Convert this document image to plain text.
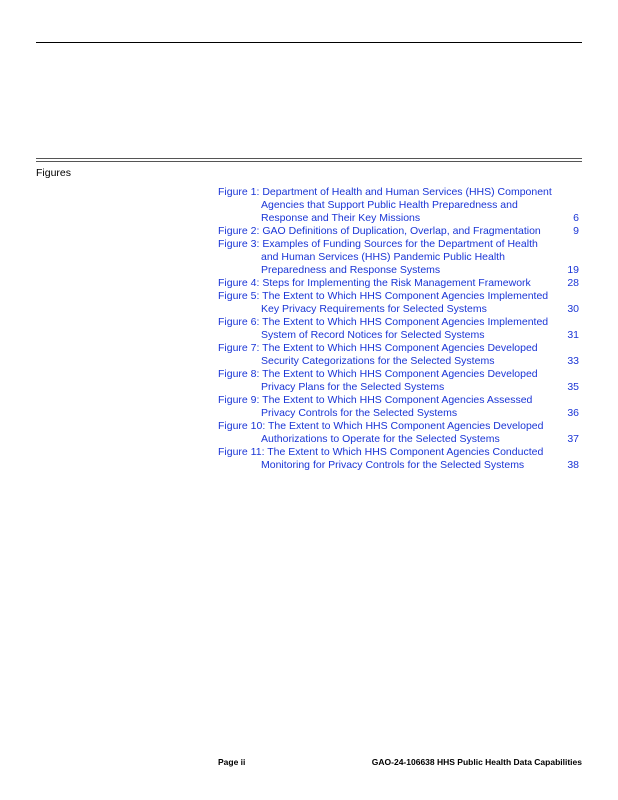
Figures
Figure 1: Department of Health and Human Services (HHS) Component Agencies that Support Public Health Preparedness and Response and Their Key Missions	6
Figure 2: GAO Definitions of Duplication, Overlap, and Fragmentation	9
Figure 3: Examples of Funding Sources for the Department of Health and Human Services (HHS) Pandemic Public Health Preparedness and Response Systems	19
Figure 4: Steps for Implementing the Risk Management Framework	28
Figure 5: The Extent to Which HHS Component Agencies Implemented Key Privacy Requirements for Selected Systems	30
Figure 6: The Extent to Which HHS Component Agencies Implemented System of Record Notices for Selected Systems	31
Figure 7: The Extent to Which HHS Component Agencies Developed Security Categorizations for the Selected Systems	33
Figure 8: The Extent to Which HHS Component Agencies Developed Privacy Plans for the Selected Systems	35
Figure 9: The Extent to Which HHS Component Agencies Assessed Privacy Controls for the Selected Systems	36
Figure 10: The Extent to Which HHS Component Agencies Developed Authorizations to Operate for the Selected Systems	37
Figure 11: The Extent to Which HHS Component Agencies Conducted Monitoring for Privacy Controls for the Selected Systems	38
Page ii	GAO-24-106638 HHS Public Health Data Capabilities
